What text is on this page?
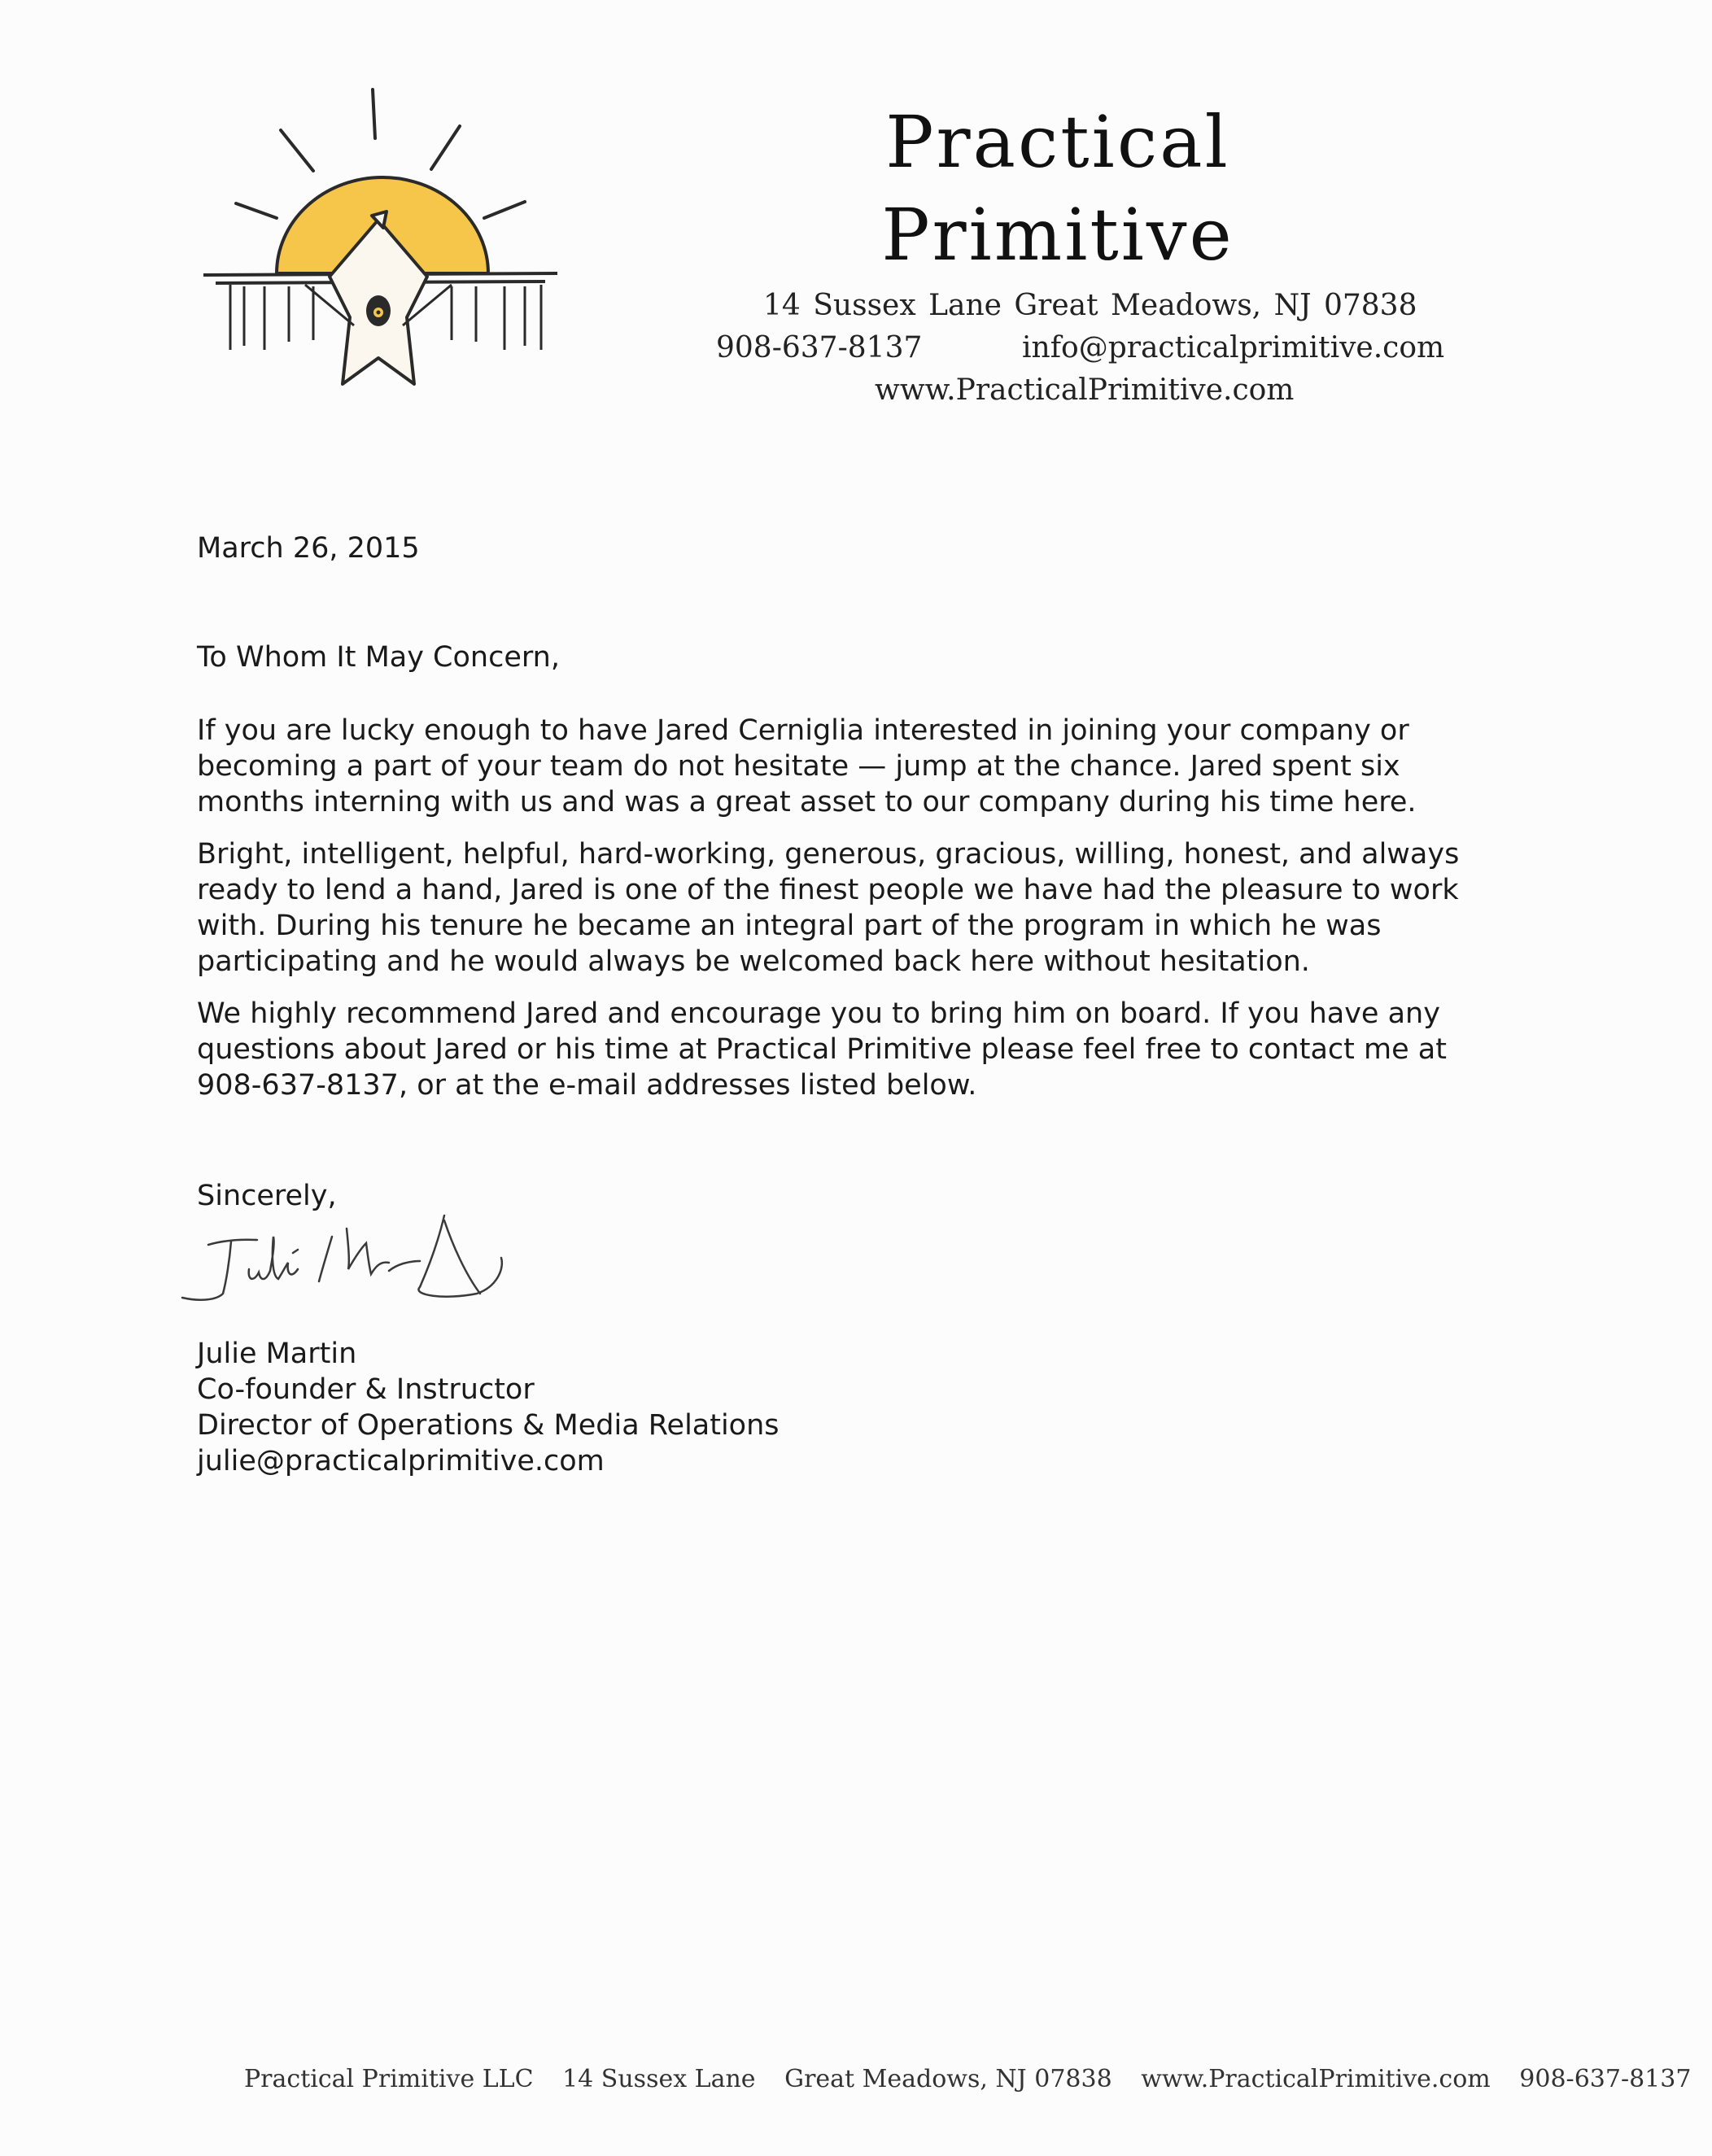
Practical
Primitive
14 Sussex Lane Great Meadows, NJ 07838
908-637-8137	info@practicalprimitive.com
www.PracticalPrimitive.com
March 26, 2015
To Whom It May Concern,

If you are lucky enough to have Jared Cerniglia interested in joining your company or becoming a part of your team do not hesitate — jump at the chance. Jared spent six months interning with us and was a great asset to our company during his time here.

Bright, intelligent, helpful, hard-working, generous, gracious, willing, honest, and always ready to lend a hand, Jared is one of the finest people we have had the pleasure to work with. During his tenure he became an integral part of the program in which he was participating and he would always be welcomed back here without hesitation.

We highly recommend Jared and encourage you to bring him on board. If you have any questions about Jared or his time at Practical Primitive please feel free to contact me at 908-637-8137, or at the e-mail addresses listed below.

Sincerely,
Julie Martin
Co-founder & Instructor
Director of Operations & Media Relations
julie@practicalprimitive.com
Practical Primitive LLC 14 Sussex Lane Great Meadows, NJ 07838 www.PracticalPrimitive.com 908-637-8137
